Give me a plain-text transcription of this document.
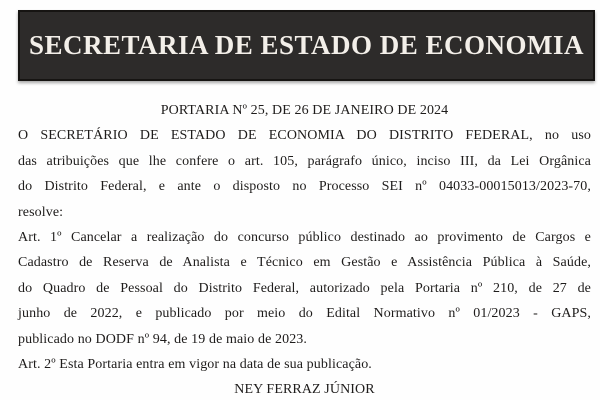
SECRETARIA DE ESTADO DE ECONOMIA
PORTARIA Nº 25, DE 26 DE JANEIRO DE 2024
O SECRETÁRIO DE ESTADO DE ECONOMIA DO DISTRITO FEDERAL, no uso
das atribuições que lhe confere o art. 105, parágrafo único, inciso III, da Lei Orgânica
do Distrito Federal, e ante o disposto no Processo SEI nº 04033-00015013/2023-70,
resolve:
Art. 1º Cancelar a realização do concurso público destinado ao provimento de Cargos e
Cadastro de Reserva de Analista e Técnico em Gestão e Assistência Pública à Saúde,
do Quadro de Pessoal do Distrito Federal, autorizado pela Portaria nº 210, de 27 de
junho de 2022, e publicado por meio do Edital Normativo nº 01/2023 - GAPS,
publicado no DODF nº 94, de 19 de maio de 2023.
Art. 2º Esta Portaria entra em vigor na data de sua publicação.
NEY FERRAZ JÚNIOR
